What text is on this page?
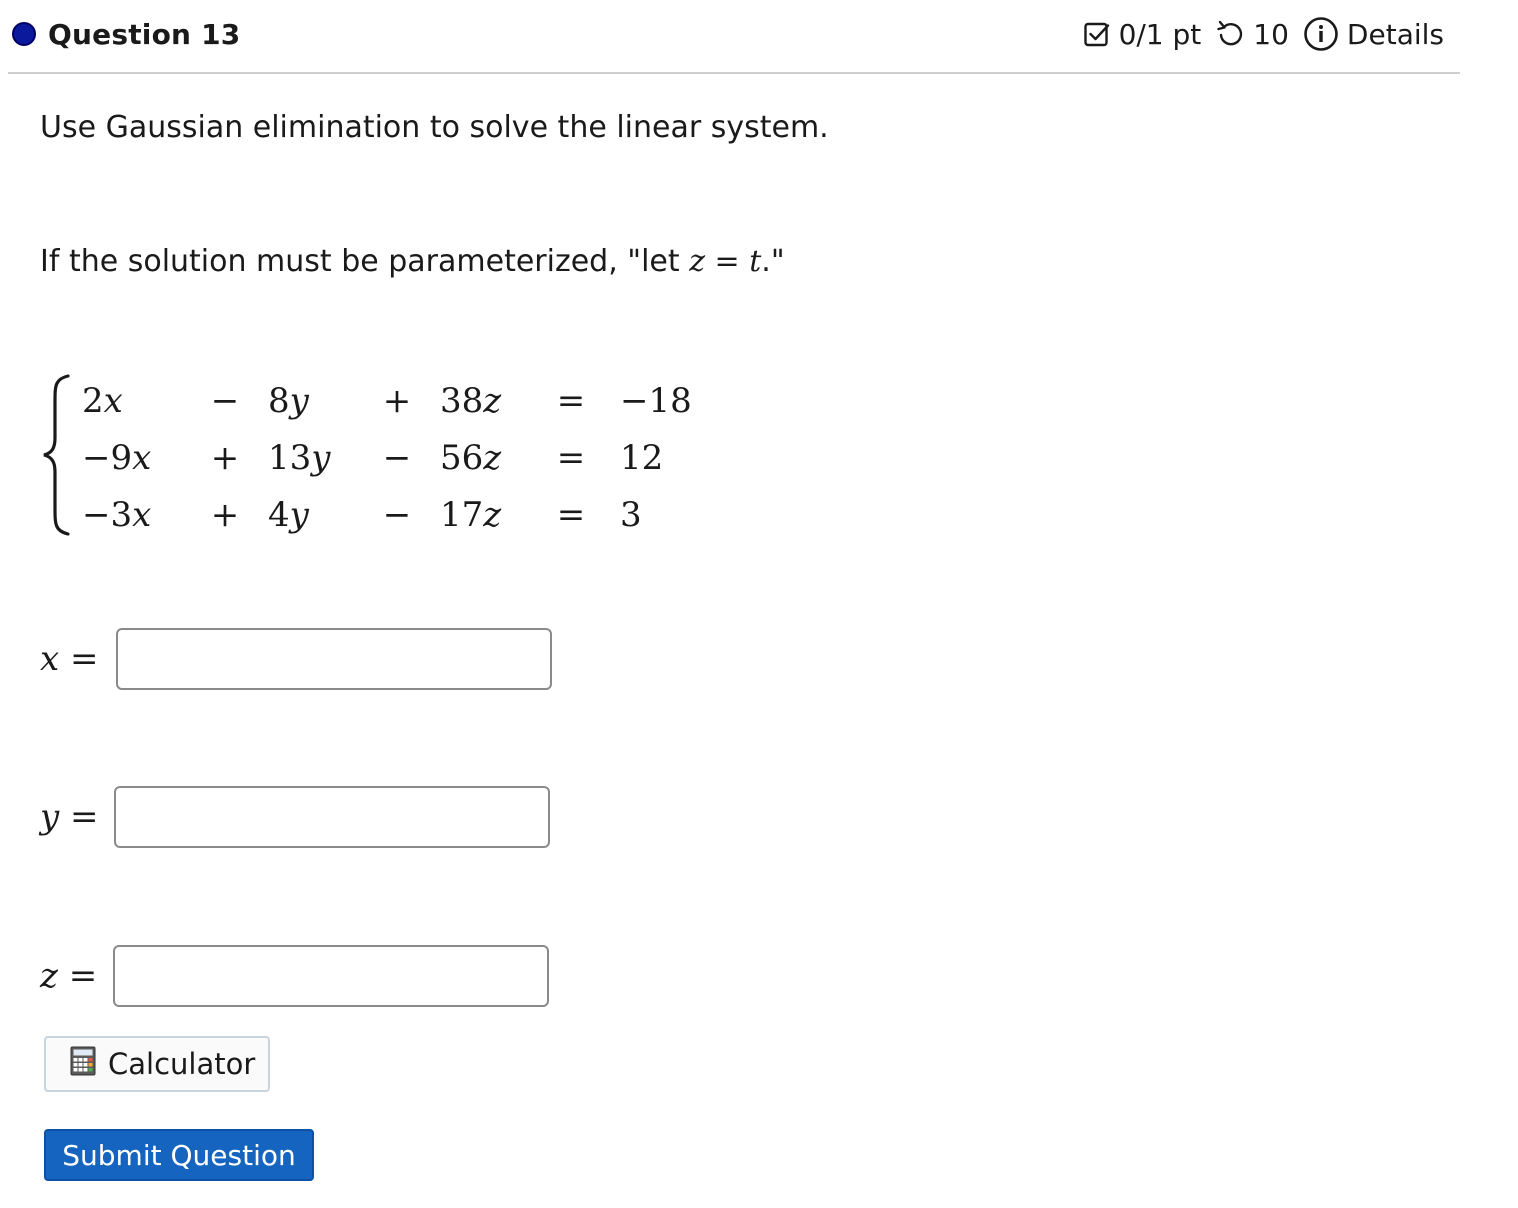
Question 13	0/1 pt 10 Details
Use Gaussian elimination to solve the linear system.
If the solution must be parameterized, "let z = t."
2x	−	8y	+	38z	=	−18
−9x	+	13y	−	56z	=	12
−3x	+	4y	−	17z	=	3
x =
y =
z =
Calculator
Submit Question
